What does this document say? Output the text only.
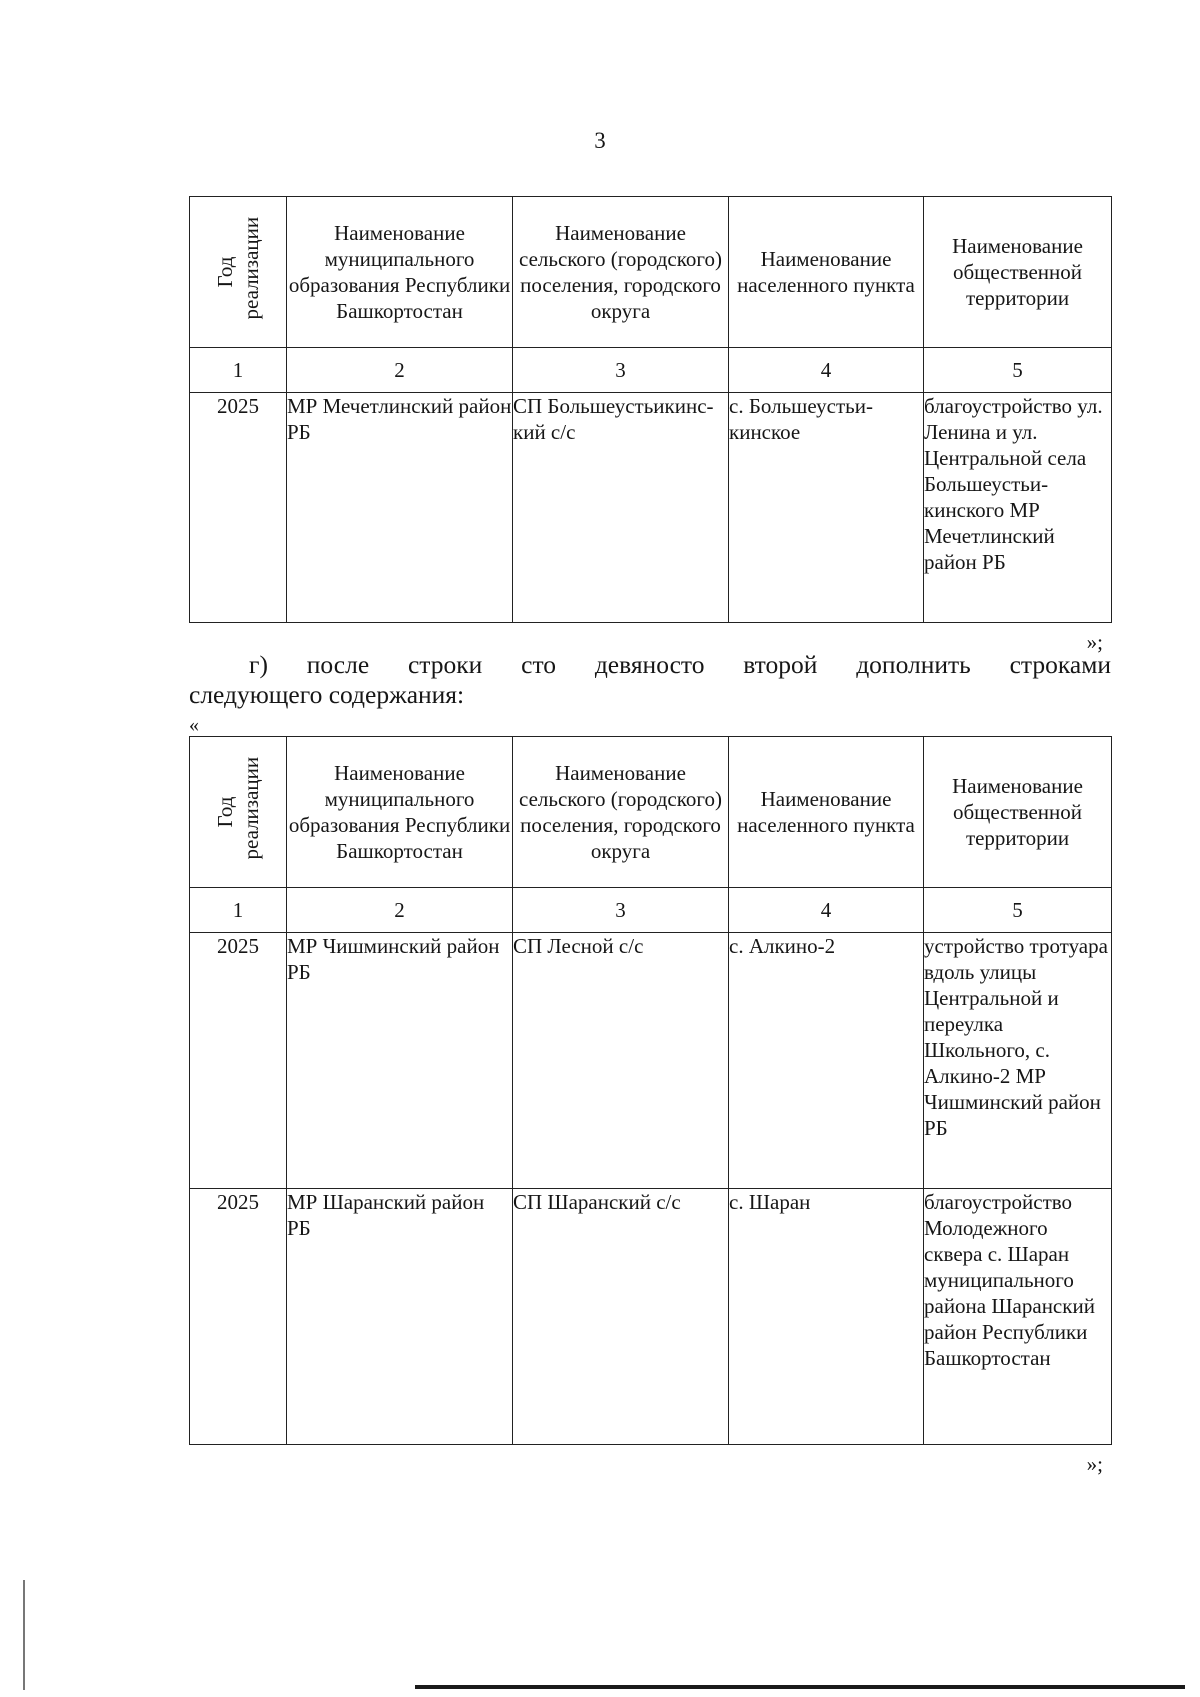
3
Год реализации	Наименование муниципального образования Республики Башкортостан	Наименование сельского (городского) поселения, городского округа	Наименование населенного пункта	Наименование общественной территории
1	2	3	4	5
2025	МР Мечетлинский район РБ	СП Большеустьикинс- кий с/с	с. Большеустьи- кинское	благоустройство ул. Ленина и ул. Центральной села Большеустьи- кинского МР Мечетлинский район РБ
»;
г) после строки сто девяносто второй дополнить строками
следующего содержания:
«
Год реализации	Наименование муниципального образования Республики Башкортостан	Наименование сельского (городского) поселения, городского округа	Наименование населенного пункта	Наименование общественной территории
1	2	3	4	5
2025	МР Чишминский район РБ	СП Лесной с/с	с. Алкино-2	устройство тротуара вдоль улицы Центральной и переулка Школьного, с. Алкино-2 МР Чишминский район РБ
2025	МР Шаранский район РБ	СП Шаранский с/с	с. Шаран	благоустройство Молодежного сквера с. Шаран муниципального района Шаранский район Республики Башкортостан
»;
